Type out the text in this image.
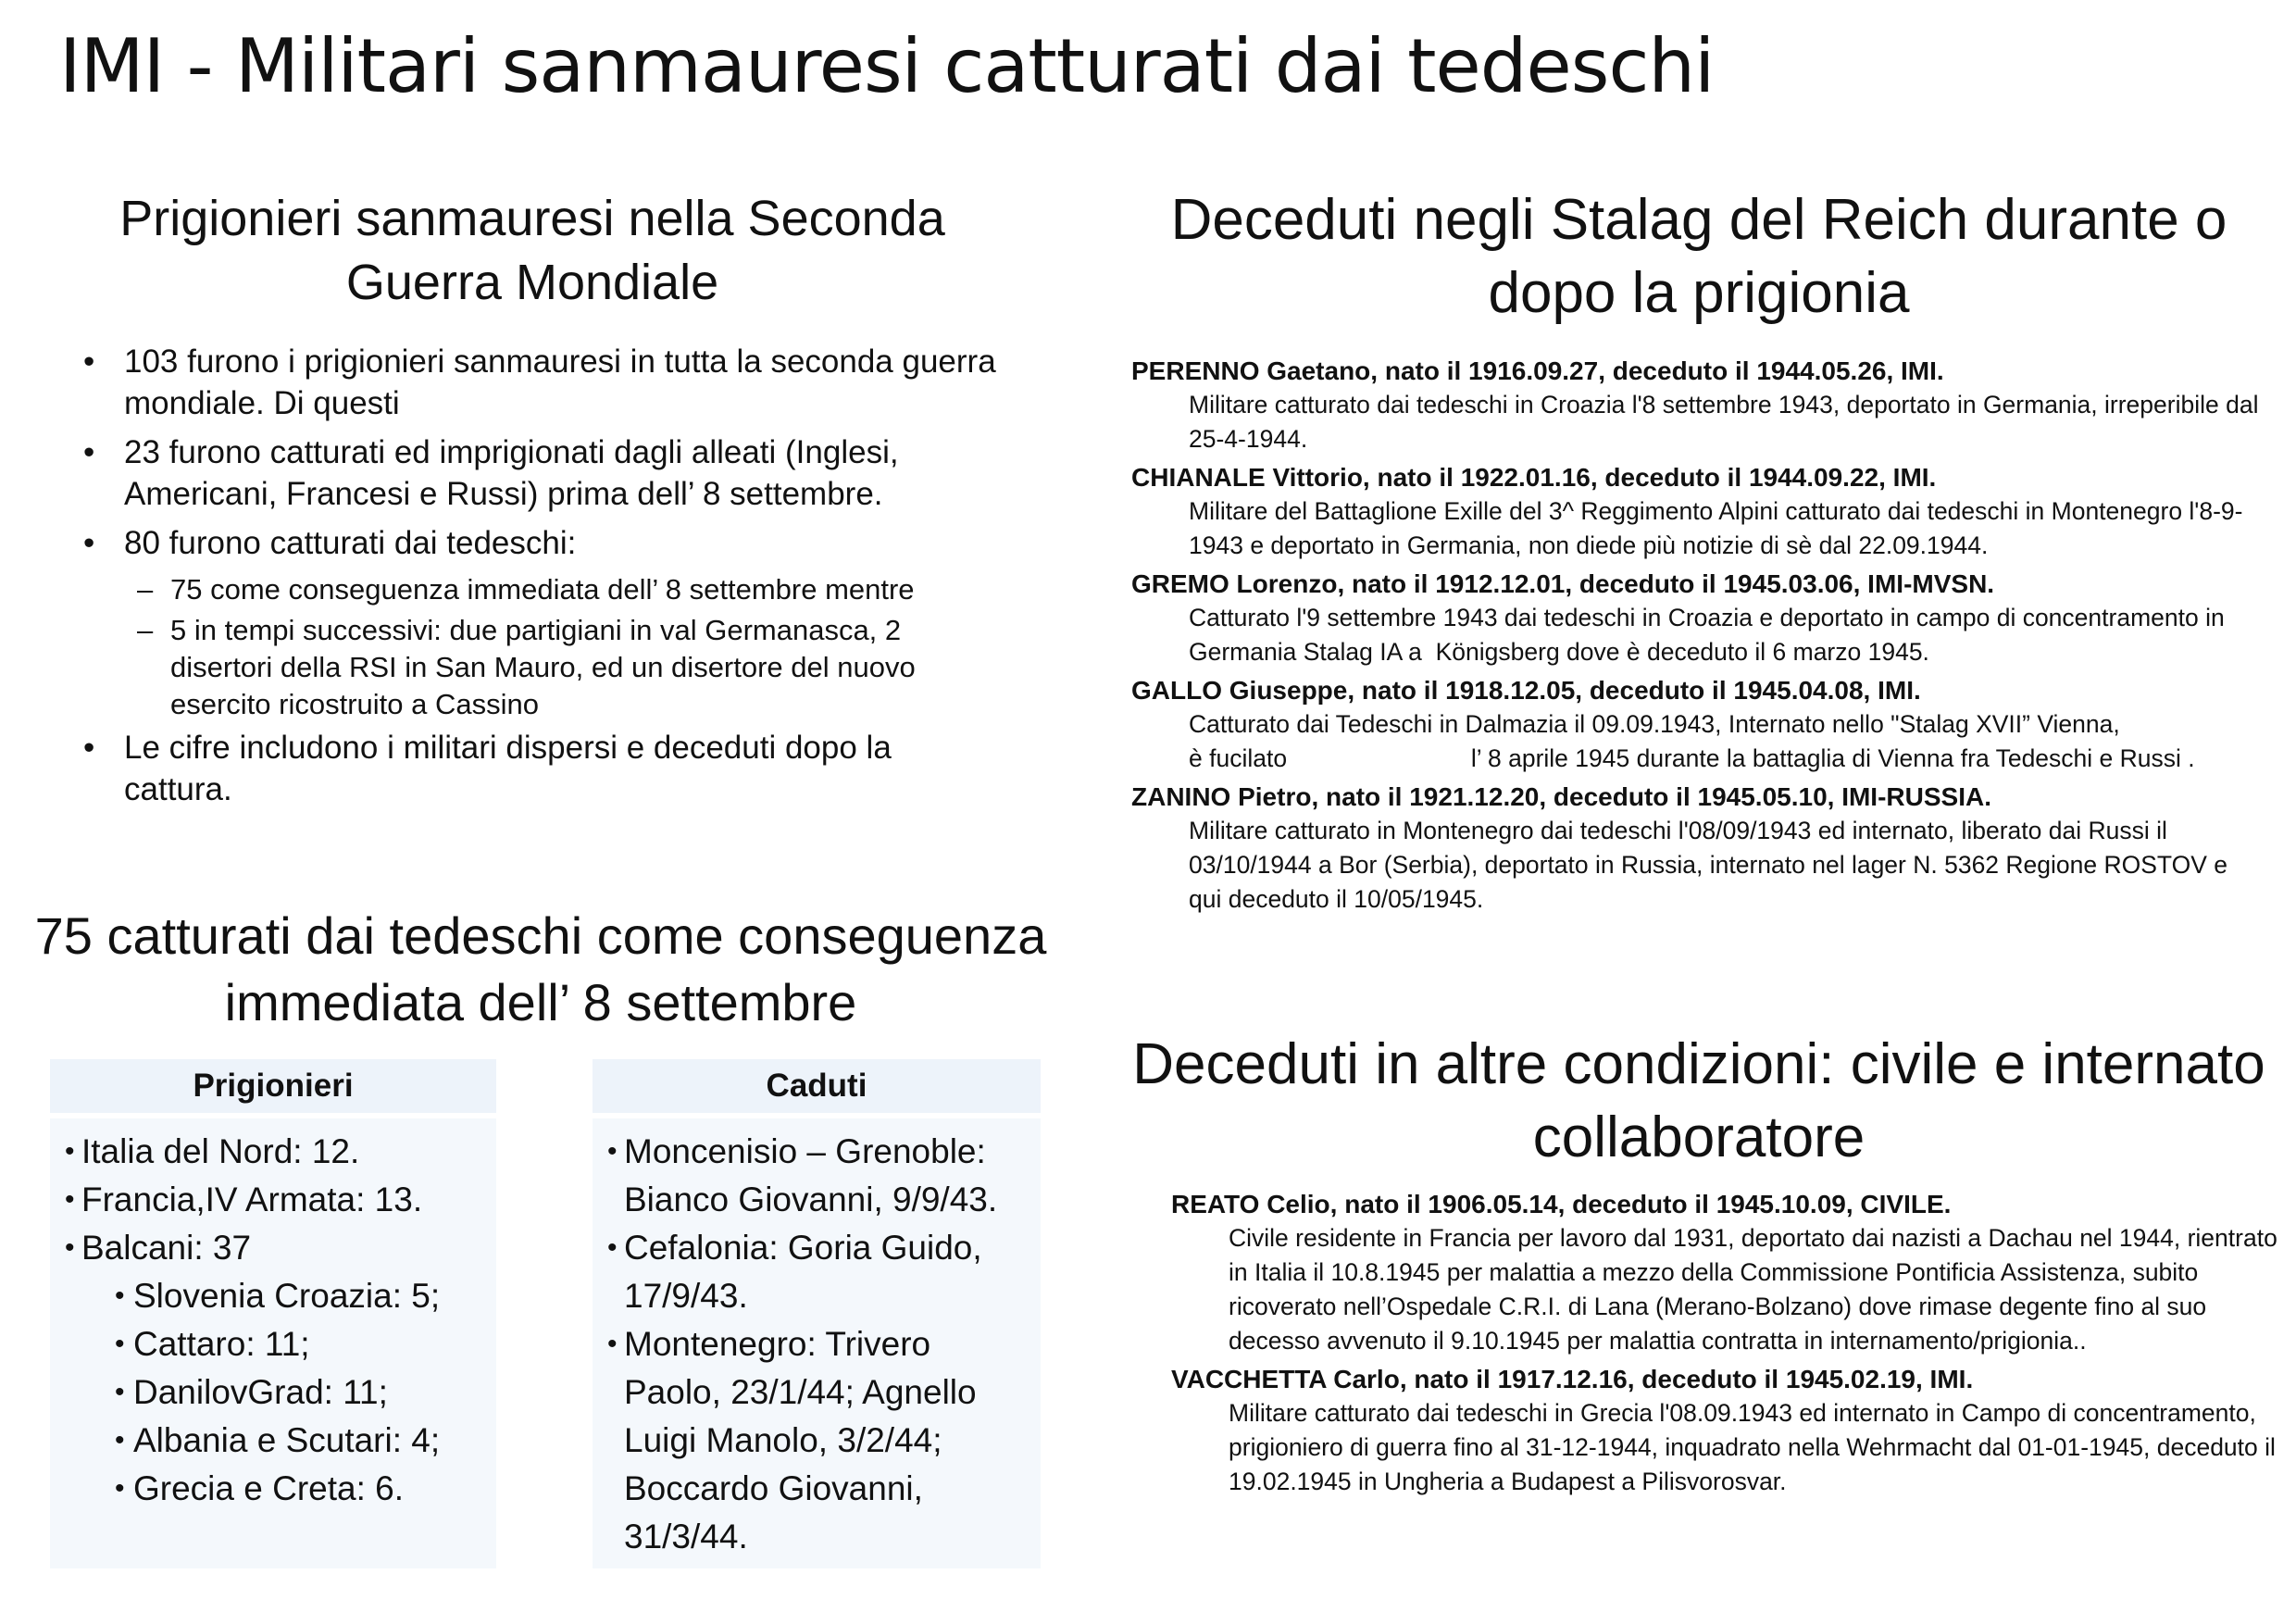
IMI - Militari sanmauresi catturati dai tedeschi
Prigionieri sanmauresi nella Seconda Guerra Mondiale
• 103 furono i prigionieri sanmauresi in tutta la seconda guerra mondiale. Di questi
• 23 furono catturati ed imprigionati dagli alleati (Inglesi, Americani, Francesi e Russi) prima dell’ 8 settembre.
• 80 furono catturati dai tedeschi:
– 75 come conseguenza immediata dell’ 8 settembre mentre
– 5 in tempi successivi: due partigiani in val Germanasca, 2 disertori della RSI in San Mauro, ed un disertore del nuovo esercito ricostruito a Cassino
• Le cifre includono i militari dispersi e deceduti dopo la cattura.
75 catturati dai tedeschi come conseguenza immediata dell’ 8 settembre
Prigionieri
• Italia del Nord: 12.
• Francia,IV Armata: 13.
• Balcani: 37
• Slovenia Croazia: 5;
• Cattaro: 11;
• DanilovGrad: 11;
• Albania e Scutari: 4;
• Grecia e Creta: 6.
Caduti
• Moncenisio – Grenoble: Bianco Giovanni, 9/9/43.
• Cefalonia: Goria Guido, 17/9/43.
• Montenegro: Trivero Paolo, 23/1/44; Agnello Luigi Manolo, 3/2/44; Boccardo Giovanni, 31/3/44.
Deceduti negli Stalag del Reich durante o dopo la prigionia
PERENNO Gaetano, nato il 1916.09.27, deceduto il 1944.05.26, IMI.
Militare catturato dai tedeschi in Croazia l'8 settembre 1943, deportato in Germania, irreperibile dal 25-4-1944.
CHIANALE Vittorio, nato il 1922.01.16, deceduto il 1944.09.22, IMI.
Militare del Battaglione Exille del 3^ Reggimento Alpini catturato dai tedeschi in Montenegro l'8-9-1943 e deportato in Germania, non diede più notizie di sè dal 22.09.1944.
GREMO Lorenzo, nato il 1912.12.01, deceduto il 1945.03.06, IMI-MVSN.
Catturato l'9 settembre 1943 dai tedeschi in Croazia e deportato in campo di concentramento in Germania Stalag IA a  Königsberg dove è deceduto il 6 marzo 1945.
GALLO Giuseppe, nato il 1918.12.05, deceduto il 1945.04.08, IMI.
Catturato dai Tedeschi in Dalmazia il 09.09.1943, Internato nello "Stalag XVII” Vienna,
è fucilato                           l’ 8 aprile 1945 durante la battaglia di Vienna fra Tedeschi e Russi .
ZANINO Pietro, nato il 1921.12.20, deceduto il 1945.05.10, IMI-RUSSIA.
Militare catturato in Montenegro dai tedeschi l'08/09/1943 ed internato, liberato dai Russi il 03/10/1944 a Bor (Serbia), deportato in Russia, internato nel lager N. 5362 Regione ROSTOV e qui deceduto il 10/05/1945.
Deceduti in altre condizioni: civile e internato collaboratore
REATO Celio, nato il 1906.05.14, deceduto il 1945.10.09, CIVILE.
Civile residente in Francia per lavoro dal 1931, deportato dai nazisti a Dachau nel 1944, rientrato in Italia il 10.8.1945 per malattia a mezzo della Commissione Pontificia Assistenza, subito ricoverato nell’Ospedale C.R.I. di Lana (Merano-Bolzano) dove rimase degente fino al suo decesso avvenuto il 9.10.1945 per malattia contratta in internamento/prigionia..
VACCHETTA Carlo, nato il 1917.12.16, deceduto il 1945.02.19, IMI.
Militare catturato dai tedeschi in Grecia l'08.09.1943 ed internato in Campo di concentramento, prigioniero di guerra fino al 31-12-1944, inquadrato nella Wehrmacht dal 01-01-1945, deceduto il 19.02.1945 in Ungheria a Budapest a Pilisvorosvar.
